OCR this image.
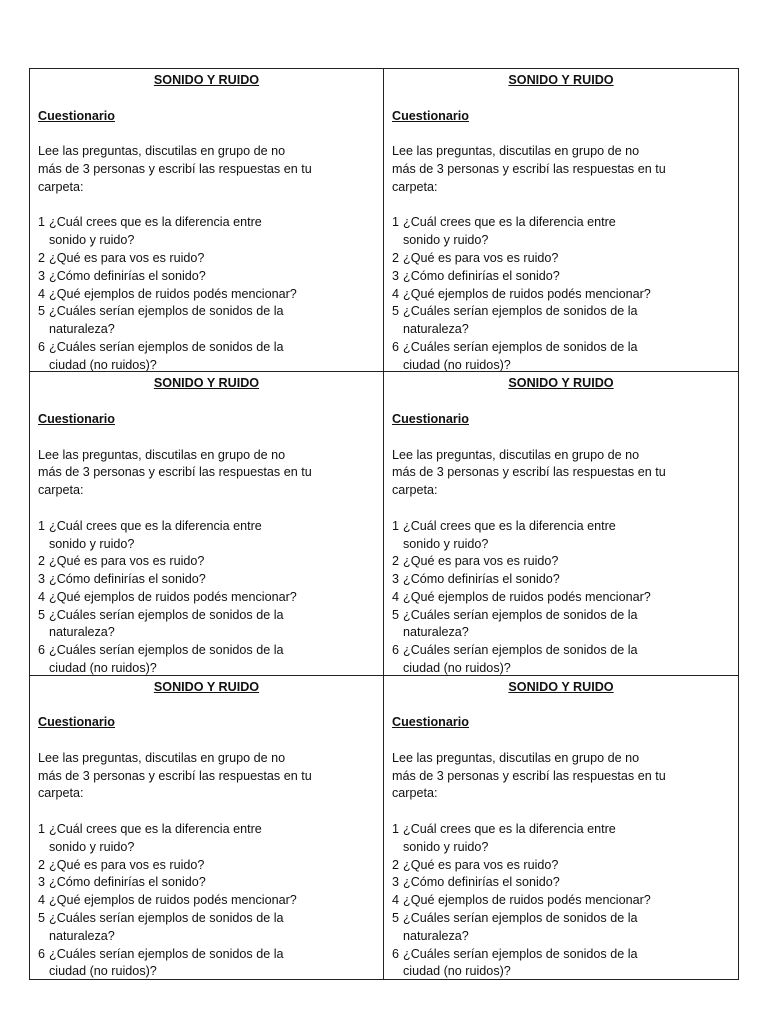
SONIDO Y RUIDO

Cuestionario

Lee las preguntas, discutilas en grupo de no
más de 3 personas y escribí las respuestas en tu
carpeta:

1 ¿Cuál crees que es la diferencia entre
sonido y ruido?
2 ¿Qué es para vos es ruido?
3 ¿Cómo definirías el sonido?
4 ¿Qué ejemplos de ruidos podés mencionar?
5 ¿Cuáles serían ejemplos de sonidos de la
naturaleza?
6 ¿Cuáles serían ejemplos de sonidos de la
ciudad (no ruidos)?

SONIDO Y RUIDO

Cuestionario

Lee las preguntas, discutilas en grupo de no
más de 3 personas y escribí las respuestas en tu
carpeta:

1 ¿Cuál crees que es la diferencia entre
sonido y ruido?
2 ¿Qué es para vos es ruido?
3 ¿Cómo definirías el sonido?
4 ¿Qué ejemplos de ruidos podés mencionar?
5 ¿Cuáles serían ejemplos de sonidos de la
naturaleza?
6 ¿Cuáles serían ejemplos de sonidos de la
ciudad (no ruidos)?

SONIDO Y RUIDO

Cuestionario

Lee las preguntas, discutilas en grupo de no
más de 3 personas y escribí las respuestas en tu
carpeta:

1 ¿Cuál crees que es la diferencia entre
sonido y ruido?
2 ¿Qué es para vos es ruido?
3 ¿Cómo definirías el sonido?
4 ¿Qué ejemplos de ruidos podés mencionar?
5 ¿Cuáles serían ejemplos de sonidos de la
naturaleza?
6 ¿Cuáles serían ejemplos de sonidos de la
ciudad (no ruidos)?

SONIDO Y RUIDO

Cuestionario

Lee las preguntas, discutilas en grupo de no
más de 3 personas y escribí las respuestas en tu
carpeta:

1 ¿Cuál crees que es la diferencia entre
sonido y ruido?
2 ¿Qué es para vos es ruido?
3 ¿Cómo definirías el sonido?
4 ¿Qué ejemplos de ruidos podés mencionar?
5 ¿Cuáles serían ejemplos de sonidos de la
naturaleza?
6 ¿Cuáles serían ejemplos de sonidos de la
ciudad (no ruidos)?

SONIDO Y RUIDO

Cuestionario

Lee las preguntas, discutilas en grupo de no
más de 3 personas y escribí las respuestas en tu
carpeta:

1 ¿Cuál crees que es la diferencia entre
sonido y ruido?
2 ¿Qué es para vos es ruido?
3 ¿Cómo definirías el sonido?
4 ¿Qué ejemplos de ruidos podés mencionar?
5 ¿Cuáles serían ejemplos de sonidos de la
naturaleza?
6 ¿Cuáles serían ejemplos de sonidos de la
ciudad (no ruidos)?

SONIDO Y RUIDO

Cuestionario

Lee las preguntas, discutilas en grupo de no
más de 3 personas y escribí las respuestas en tu
carpeta:

1 ¿Cuál crees que es la diferencia entre
sonido y ruido?
2 ¿Qué es para vos es ruido?
3 ¿Cómo definirías el sonido?
4 ¿Qué ejemplos de ruidos podés mencionar?
5 ¿Cuáles serían ejemplos de sonidos de la
naturaleza?
6 ¿Cuáles serían ejemplos de sonidos de la
ciudad (no ruidos)?
